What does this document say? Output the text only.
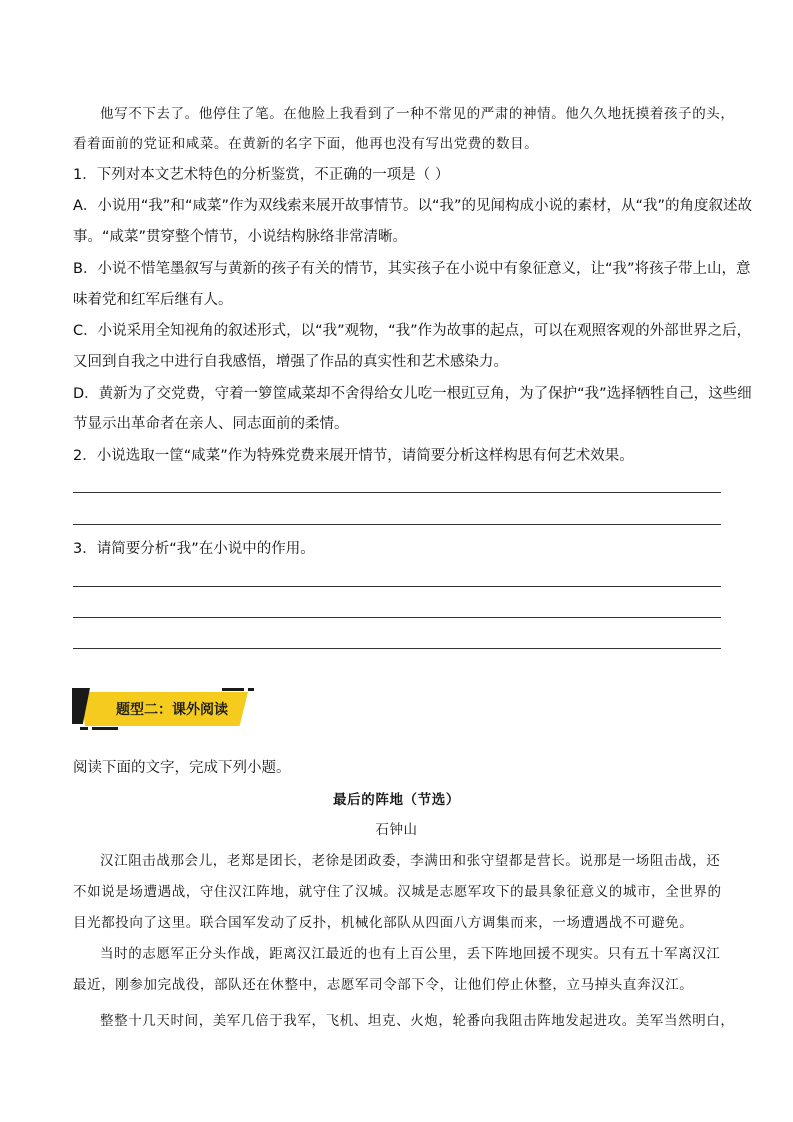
他写不下去了。他停住了笔。在他脸上我看到了一种不常见的严肃的神情。他久久地抚摸着孩子的头，
看着面前的党证和咸菜。在黄新的名字下面，他再也没有写出党费的数目。
1．下列对本文艺术特色的分析鉴赏，不正确的一项是（ ）
A．小说用“我”和“咸菜”作为双线索来展开故事情节。以“我”的见闻构成小说的素材，从“我”的角度叙述故
事。“咸菜”贯穿整个情节，小说结构脉络非常清晰。
B．小说不惜笔墨叙写与黄新的孩子有关的情节，其实孩子在小说中有象征意义，让“我”将孩子带上山，意
味着党和红军后继有人。
C．小说采用全知视角的叙述形式，以“我”观物，“我”作为故事的起点，可以在观照客观的外部世界之后，
又回到自我之中进行自我感悟，增强了作品的真实性和艺术感染力。
D．黄新为了交党费，守着一箩筐咸菜却不舍得给女儿吃一根豇豆角，为了保护“我”选择牺牲自己，这些细
节显示出革命者在亲人、同志面前的柔情。
2．小说选取一筐“咸菜”作为特殊党费来展开情节，请简要分析这样构思有何艺术效果。
3．请简要分析“我”在小说中的作用。
题型二：课外阅读
阅读下面的文字，完成下列小题。
最后的阵地（节选）
石钟山
汉江阻击战那会儿，老郑是团长，老徐是团政委，李满田和张守望都是营长。说那是一场阻击战，还
不如说是场遭遇战，守住汉江阵地，就守住了汉城。汉城是志愿军攻下的最具象征意义的城市，全世界的
目光都投向了这里。联合国军发动了反扑，机械化部队从四面八方调集而来，一场遭遇战不可避免。
当时的志愿军正分头作战，距离汉江最近的也有上百公里，丢下阵地回援不现实。只有五十军离汉江
最近，刚参加完战役，部队还在休整中，志愿军司令部下令，让他们停止休整，立马掉头直奔汉江。
整整十几天时间，美军几倍于我军，飞机、坦克、火炮，轮番向我阻击阵地发起进攻。美军当然明白，
